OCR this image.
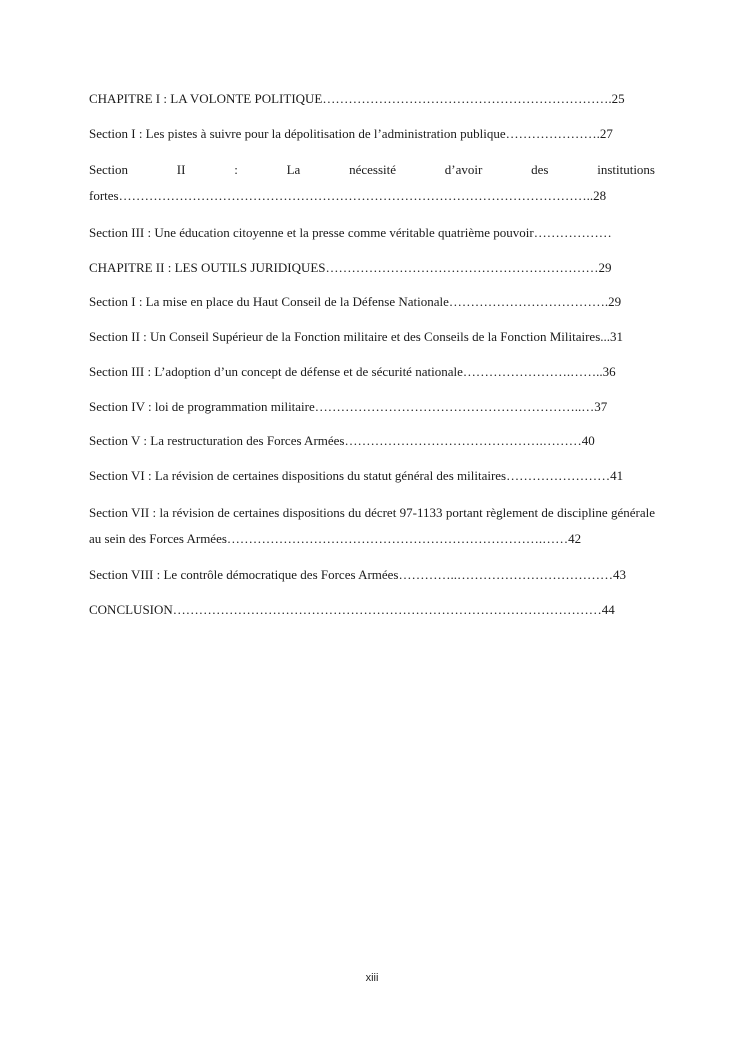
CHAPITRE I : LA VOLONTE POLITIQUE………………………………………………………….25
Section I : Les pistes à suivre pour la dépolitisation de l’administration publique………………….27
Section II : La nécessité d’avoir des institutions fortes………………………………………………………………………………………………..28
Section III : Une éducation citoyenne et la presse comme véritable quatrième pouvoir………………
CHAPITRE II : LES OUTILS JURIDIQUES………………………………………………………29
Section I : La mise en place du Haut Conseil de la Défense Nationale……………………………….29
Section II : Un Conseil Supérieur de la Fonction militaire et des Conseils de la Fonction Militaires...31
Section III : L’adoption d’un concept de défense et de sécurité nationale…………………….……..36
Section IV : loi de programmation militaire……………………………………………………..…37
Section V : La restructuration des Forces Armées……………………………………….………40
Section VI : La révision de certaines dispositions du statut général des militaires……………………41
Section VII : la révision de certaines dispositions du décret 97-1133 portant règlement de discipline générale au sein des Forces Armées……………………………………………………………….……42
Section VIII : Le contrôle démocratique des Forces Armées…………..………………………………43
CONCLUSION………………………………………………………………………………………44
xiii
